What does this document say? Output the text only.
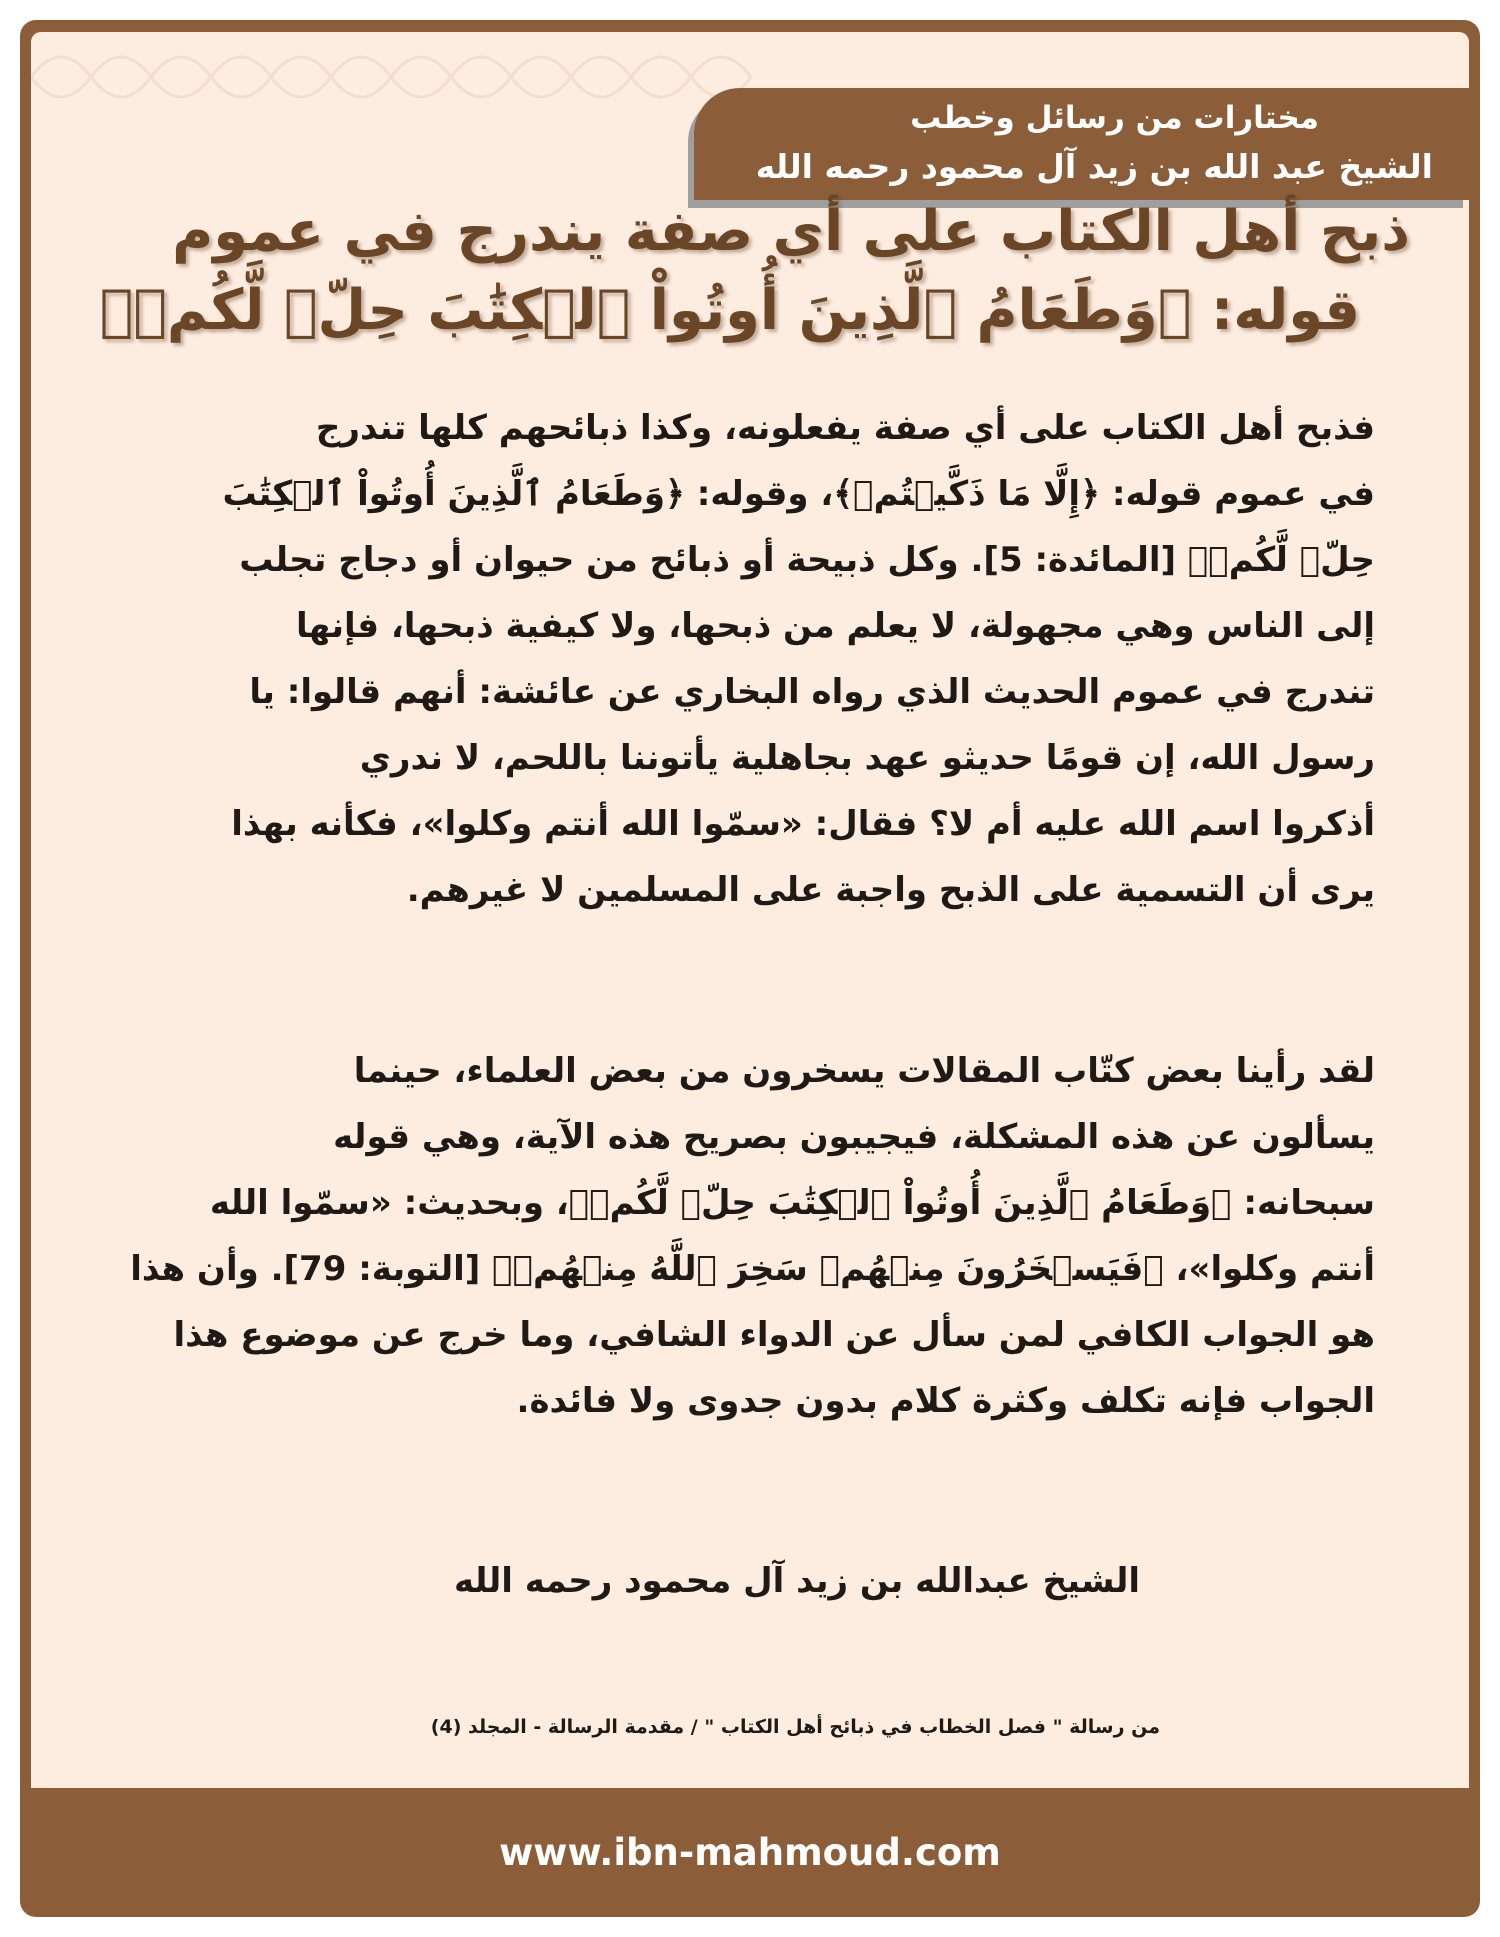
مختارات من رسائل وخطب
الشيخ عبد الله بن زيد آل محمود رحمه الله
ذبح أهل الكتاب على أي صفة يندرج في عموم
قوله: ﴿وَطَعَامُ ٱلَّذِينَ أُوتُواْ ٱلۡكِتَٰبَ حِلّٞ لَّكُمۡ﴾
فذبح أهل الكتاب على أي صفة يفعلونه، وكذا ذبائحهم كلها تندرج
في عموم قوله: ﴿إِلَّا مَا ذَكَّيۡتُمۡ﴾، وقوله: ﴿وَطَعَامُ ٱلَّذِينَ أُوتُواْ ٱلۡكِتَٰبَ
حِلّٞ لَّكُمۡ﴾ [المائدة: 5]. وكل ذبيحة أو ذبائح من حيوان أو دجاج تجلب
إلى الناس وهي مجهولة، لا يعلم من ذبحها، ولا كيفية ذبحها، فإنها
تندرج في عموم الحديث الذي رواه البخاري عن عائشة: أنهم قالوا: يا
رسول الله، إن قومًا حديثو عهد بجاهلية يأتوننا باللحم، لا ندري
أذكروا اسم الله عليه أم لا؟ فقال: «سمّوا الله أنتم وكلوا»، فكأنه بهذا
يرى أن التسمية على الذبح واجبة على المسلمين لا غيرهم.
لقد رأينا بعض كتّاب المقالات يسخرون من بعض العلماء، حينما
يسألون عن هذه المشكلة، فيجيبون بصريح هذه الآية، وهي قوله
سبحانه: ﴿وَطَعَامُ ٱلَّذِينَ أُوتُواْ ٱلۡكِتَٰبَ حِلّٞ لَّكُمۡ﴾، وبحديث: «سمّوا الله
أنتم وكلوا»، ﴿فَيَسۡخَرُونَ مِنۡهُمۡ سَخِرَ ٱللَّهُ مِنۡهُمۡ﴾ [التوبة: 79]. وأن هذا
هو الجواب الكافي لمن سأل عن الدواء الشافي، وما خرج عن موضوع هذا
الجواب فإنه تكلف وكثرة كلام بدون جدوى ولا فائدة.
الشيخ عبدالله بن زيد آل محمود رحمه الله
من رسالة " فصل الخطاب في ذبائح أهل الكتاب " / مقدمة الرسالة - المجلد (4)
www.ibn-mahmoud.com
